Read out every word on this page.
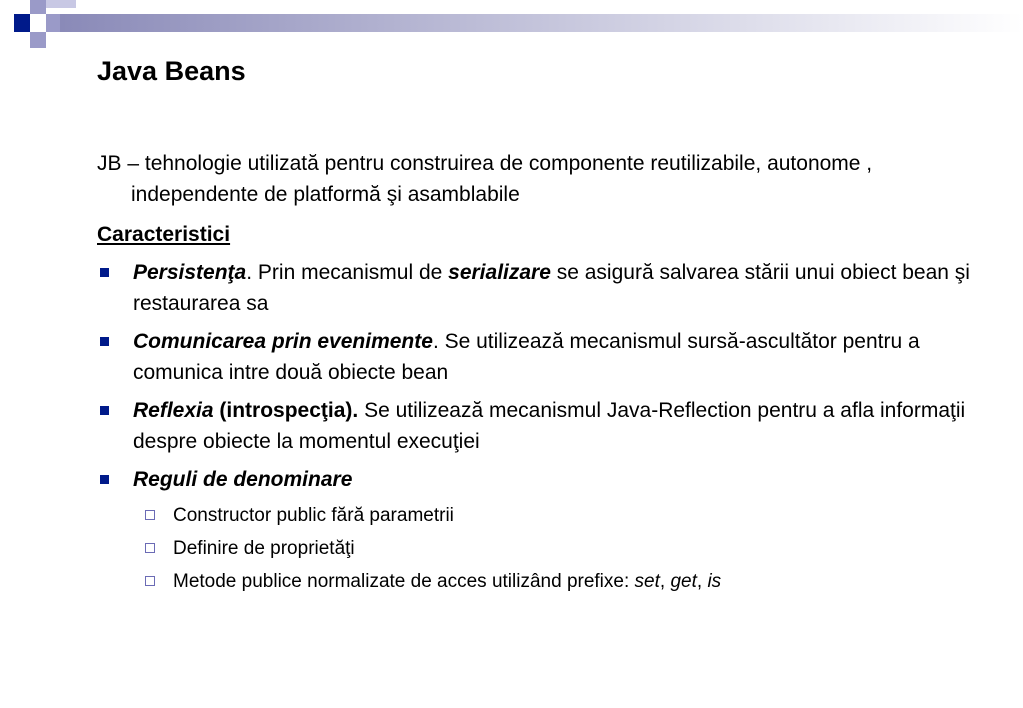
Java Beans

JB – tehnologie utilizată pentru construirea de componente reutilizabile, autonome , independente de platformă şi asamblabile

Caracteristici

Persistenţa. Prin mecanismul de serializare se asigură salvarea stării unui obiect bean şi restaurarea sa
Comunicarea prin evenimente. Se utilizează mecanismul sursă-ascultător pentru a comunica intre două obiecte bean
Reflexia (introspecţia). Se utilizează mecanismul Java-Reflection pentru a afla informaţii despre obiecte la momentul execuţiei
Reguli de denominare
Constructor public fără parametrii
Definire de proprietăţi
Metode publice normalizate de acces utilizând prefixe: set, get, is
